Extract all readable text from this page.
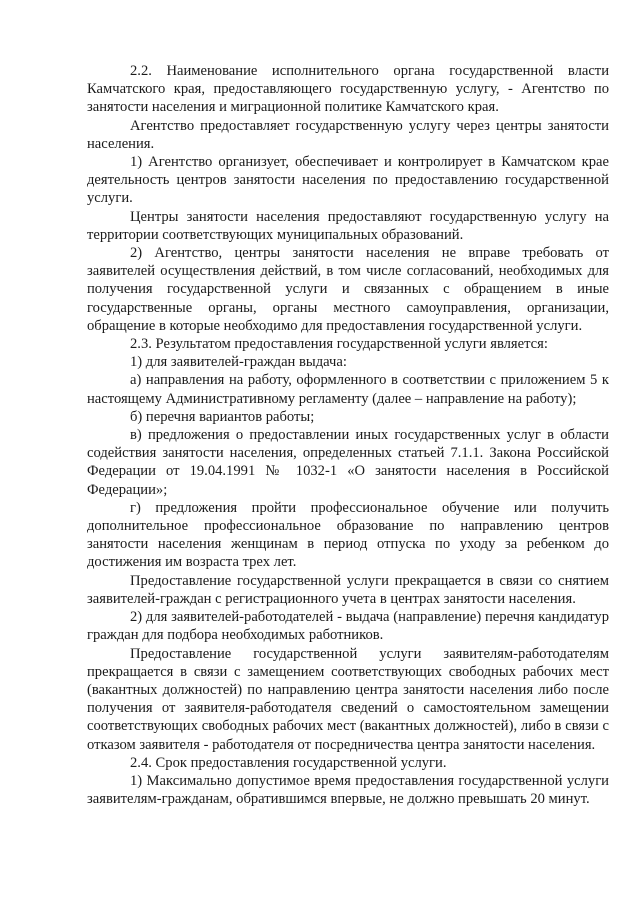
2.2. Наименование исполнительного органа государственной власти Камчатского края, предоставляющего государственную услугу, - Агентство по занятости населения и миграционной политике Камчатского края.

Агентство предоставляет государственную услугу через центры занятости населения.

1) Агентство организует, обеспечивает и контролирует в Камчатском крае деятельность центров занятости населения по предоставлению государственной услуги.

Центры занятости населения предоставляют государственную услугу на территории соответствующих муниципальных образований.

2) Агентство, центры занятости населения не вправе требовать от заявителей осуществления действий, в том числе согласований, необходимых для получения государственной услуги и связанных с обращением в иные государственные органы, органы местного самоуправления, организации, обращение в которые необходимо для предоставления государственной услуги.

2.3. Результатом предоставления государственной услуги является:

1) для заявителей-граждан выдача:

а) направления на работу, оформленного в соответствии с приложением 5 к настоящему Административному регламенту (далее – направление на работу);

б) перечня вариантов работы;

в) предложения о предоставлении иных государственных услуг в области содействия занятости населения, определенных статьей 7.1.1. Закона Российской Федерации от 19.04.1991 № 1032-1 «О занятости населения в Российской Федерации»;

г) предложения пройти профессиональное обучение или получить дополнительное профессиональное образование по направлению центров занятости населения женщинам в период отпуска по уходу за ребенком до достижения им возраста трех лет.

Предоставление государственной услуги прекращается в связи со снятием заявителей-граждан с регистрационного учета в центрах занятости населения.

2) для заявителей-работодателей - выдача (направление) перечня кандидатур граждан для подбора необходимых работников.

Предоставление государственной услуги заявителям-работодателям прекращается в связи с замещением соответствующих свободных рабочих мест (вакантных должностей) по направлению центра занятости населения либо после получения от заявителя-работодателя сведений о самостоятельном замещении соответствующих свободных рабочих мест (вакантных должностей), либо в связи с отказом заявителя - работодателя от посредничества центра занятости населения.

2.4. Срок предоставления государственной услуги.

1) Максимально допустимое время предоставления государственной услуги заявителям-гражданам, обратившимся впервые, не должно превышать 20 минут.
